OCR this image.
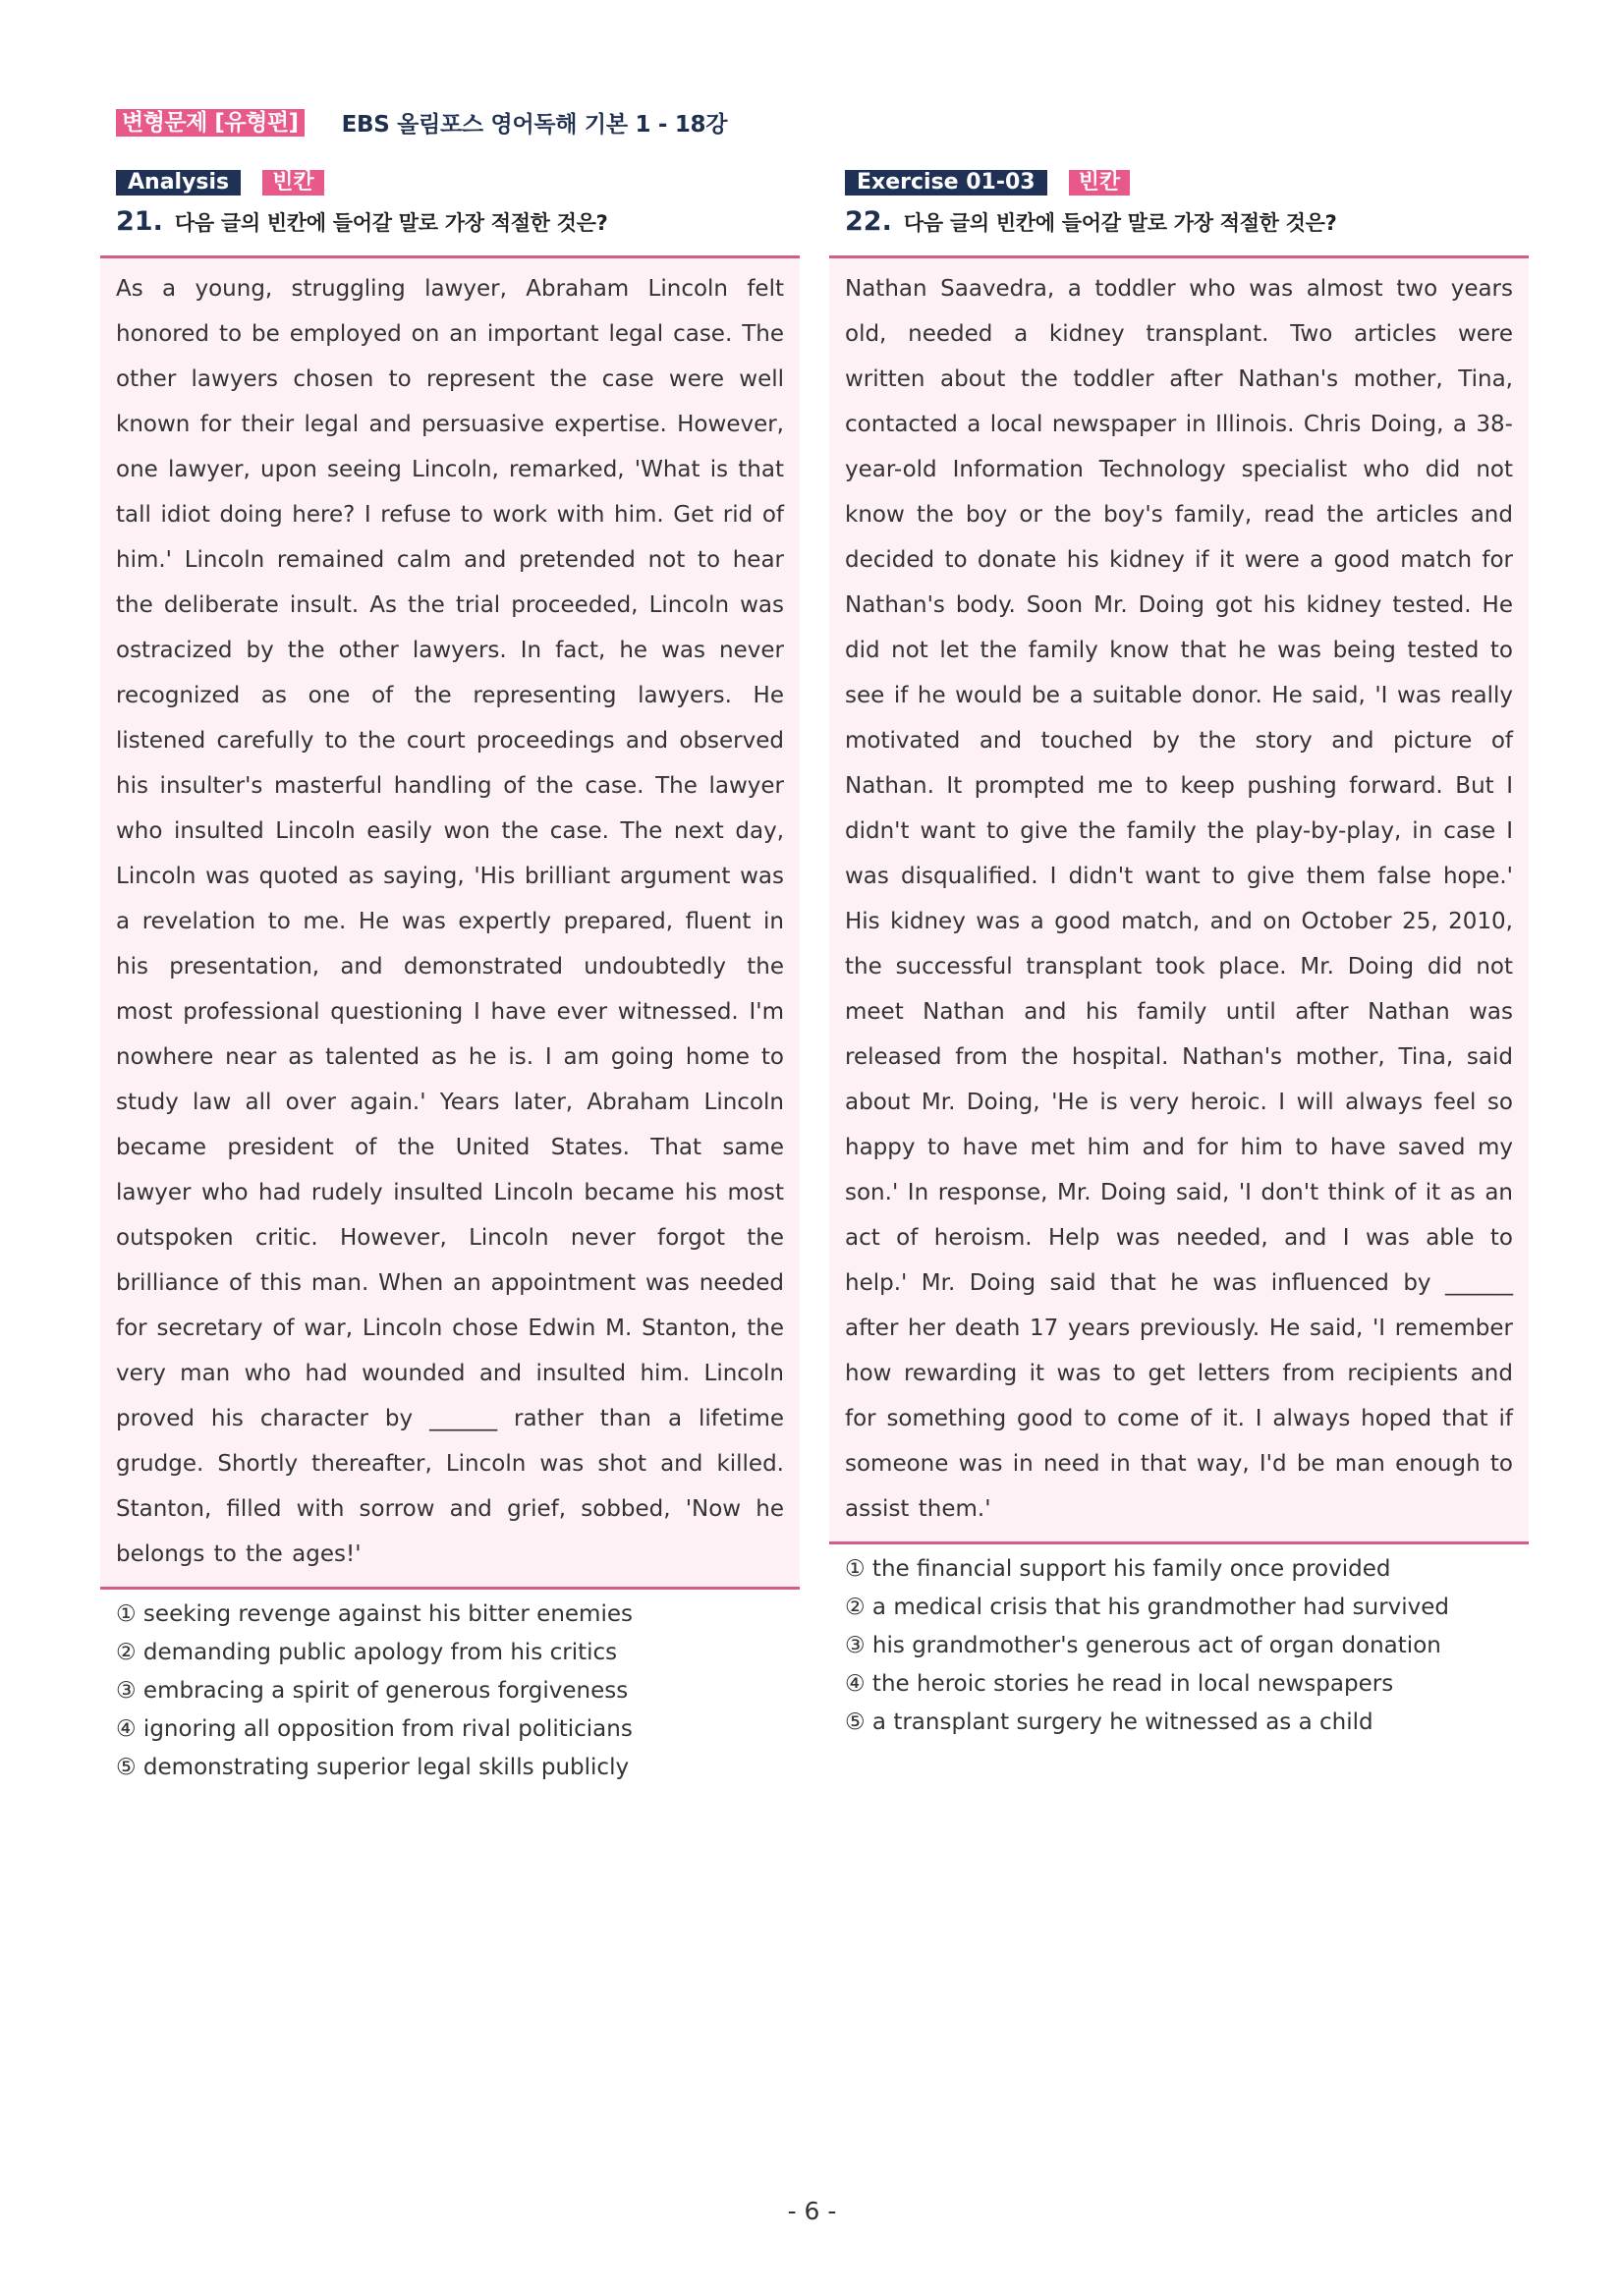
변형문제 [유형편] EBS 올림포스 영어독해 기본 1 - 18강
Analysis	빈칸
21. 다음 글의 빈칸에 들어갈 말로 가장 적절한 것은?

As a young, struggling lawyer, Abraham Lincoln felt honored to be employed on an important legal case. The other lawyers chosen to represent the case were well known for their legal and persuasive expertise. However, one lawyer, upon seeing Lincoln, remarked, 'What is that tall idiot doing here? I refuse to work with him. Get rid of him.' Lincoln remained calm and pretended not to hear the deliberate insult. As the trial proceeded, Lincoln was ostracized by the other lawyers. In fact, he was never recognized as one of the representing lawyers. He listened carefully to the court proceedings and observed his insulter's masterful handling of the case. The lawyer who insulted Lincoln easily won the case. The next day, Lincoln was quoted as saying, 'His brilliant argument was a revelation to me. He was expertly prepared, fluent in his presentation, and demonstrated undoubtedly the most professional questioning I have ever witnessed. I'm nowhere near as talented as he is. I am going home to study law all over again.' Years later, Abraham Lincoln became president of the United States. That same lawyer who had rudely insulted Lincoln became his most outspoken critic. However, Lincoln never forgot the brilliance of this man. When an appointment was needed for secretary of war, Lincoln chose Edwin M. Stanton, the very man who had wounded and insulted him. Lincoln proved his character by ______ rather than a lifetime grudge. Shortly thereafter, Lincoln was shot and killed. Stanton, filled with sorrow and grief, sobbed, 'Now he belongs to the ages!'

① seeking revenge against his bitter enemies
② demanding public apology from his critics
③ embracing a spirit of generous forgiveness
④ ignoring all opposition from rival politicians
⑤ demonstrating superior legal skills publicly
Exercise 01-03	빈칸
22. 다음 글의 빈칸에 들어갈 말로 가장 적절한 것은?

Nathan Saavedra, a toddler who was almost two years old, needed a kidney transplant. Two articles were written about the toddler after Nathan's mother, Tina, contacted a local newspaper in Illinois. Chris Doing, a 38-year-old Information Technology specialist who did not know the boy or the boy's family, read the articles and decided to donate his kidney if it were a good match for Nathan's body. Soon Mr. Doing got his kidney tested. He did not let the family know that he was being tested to see if he would be a suitable donor. He said, 'I was really motivated and touched by the story and picture of Nathan. It prompted me to keep pushing forward. But I didn't want to give the family the play-by-play, in case I was disqualified. I didn't want to give them false hope.' His kidney was a good match, and on October 25, 2010, the successful transplant took place. Mr. Doing did not meet Nathan and his family until after Nathan was released from the hospital. Nathan's mother, Tina, said about Mr. Doing, 'He is very heroic. I will always feel so happy to have met him and for him to have saved my son.' In response, Mr. Doing said, 'I don't think of it as an act of heroism. Help was needed, and I was able to help.' Mr. Doing said that he was influenced by ______ after her death 17 years previously. He said, 'I remember how rewarding it was to get letters from recipients and for something good to come of it. I always hoped that if someone was in need in that way, I'd be man enough to assist them.'

① the financial support his family once provided
② a medical crisis that his grandmother had survived
③ his grandmother's generous act of organ donation
④ the heroic stories he read in local newspapers
⑤ a transplant surgery he witnessed as a child
- 6 -
